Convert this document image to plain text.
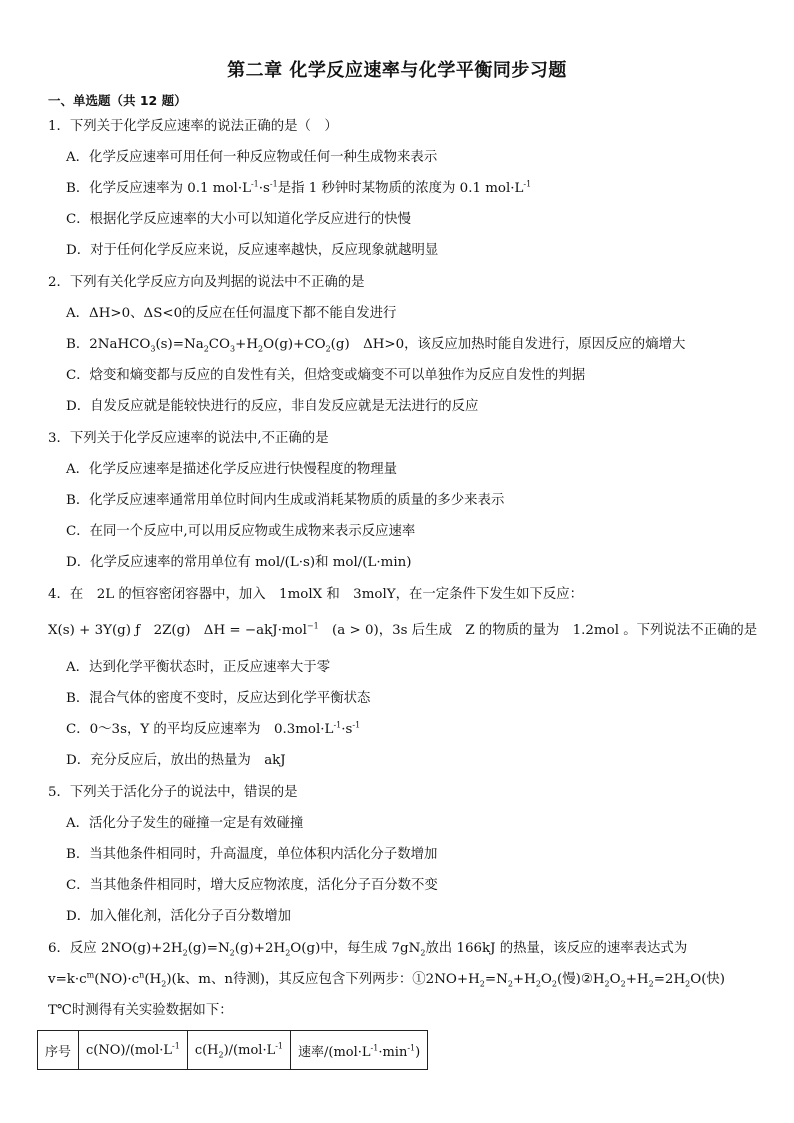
第二章 化学反应速率与化学平衡同步习题
一、单选题（共 12 题）
1．下列关于化学反应速率的说法正确的是（　）
A．化学反应速率可用任何一种反应物或任何一种生成物来表示
B．化学反应速率为 0.1 $mol\cdot L^{-1}\cdot s^{-1}$是指 1 秒钟时某物质的浓度为 0.1 $mol\cdot L^{-1}$
C．根据化学反应速率的大小可以知道化学反应进行的快慢
D．对于任何化学反应来说，反应速率越快，反应现象就越明显
2．下列有关化学反应方向及判据的说法中不正确的是
A．ΔH>0、ΔS<0的反应在任何温度下都不能自发进行
B．$2NaHCO_3(s)=Na_2CO_3+H_2O(g)+CO_2(g)$　ΔH>0，该反应加热时能自发进行，原因反应的熵增大
C．焓变和熵变都与反应的自发性有关，但焓变或熵变不可以单独作为反应自发性的判据
D．自发反应就是能较快进行的反应，非自发反应就是无法进行的反应
3．下列关于化学反应速率的说法中,不正确的是
A．化学反应速率是描述化学反应进行快慢程度的物理量
B．化学反应速率通常用单位时间内生成或消耗某物质的质量的多少来表示
C．在同一个反应中,可以用反应物或生成物来表示反应速率
D．化学反应速率的常用单位有 mol/(L·s)和 mol/(L·min)
4．在　2L 的恒容密闭容器中，加入　1molX 和　3molY，在一定条件下发生如下反应：
X(s) + 3Y(g) ƒ　2Z(g)　ΔH = −akJ·mol$^{-1}$　(a > 0)，3s 后生成　Z 的物质的量为　1.2mol 。下列说法不正确的是
A．达到化学平衡状态时，正反应速率大于零
B．混合气体的密度不变时，反应达到化学平衡状态
C．0～3s，Y 的平均反应速率为　$0.3mol\cdot L^{-1}\cdot s^{-1}$
D．充分反应后，放出的热量为　akJ
5．下列关于活化分子的说法中，错误的是
A．活化分子发生的碰撞一定是有效碰撞
B．当其他条件相同时，升高温度，单位体积内活化分子数增加
C．当其他条件相同时，增大反应物浓度，活化分子百分数不变
D．加入催化剂，活化分子百分数增加
6．反应 $2NO(g)+2H_2(g)=N_2(g)+2H_2O(g)$中，每生成 $7gN_2$放出 166kJ 的热量，该反应的速率表达式为
$v=k\cdot c^m(NO)\cdot c^n(H_2)(k$、m、n待测)，其反应包含下列两步：$①2NO+H_2=N_2+H_2O_2$(慢)$②H_2O_2+H_2=2H_2O$(快)
T℃时测得有关实验数据如下：
序号	$c(NO)/(mol\cdot L^{-1}$	$c(H_2)/(mol\cdot L^{-1}$	速率$/(mol\cdot L^{-1}\cdot\min^{-1})$
